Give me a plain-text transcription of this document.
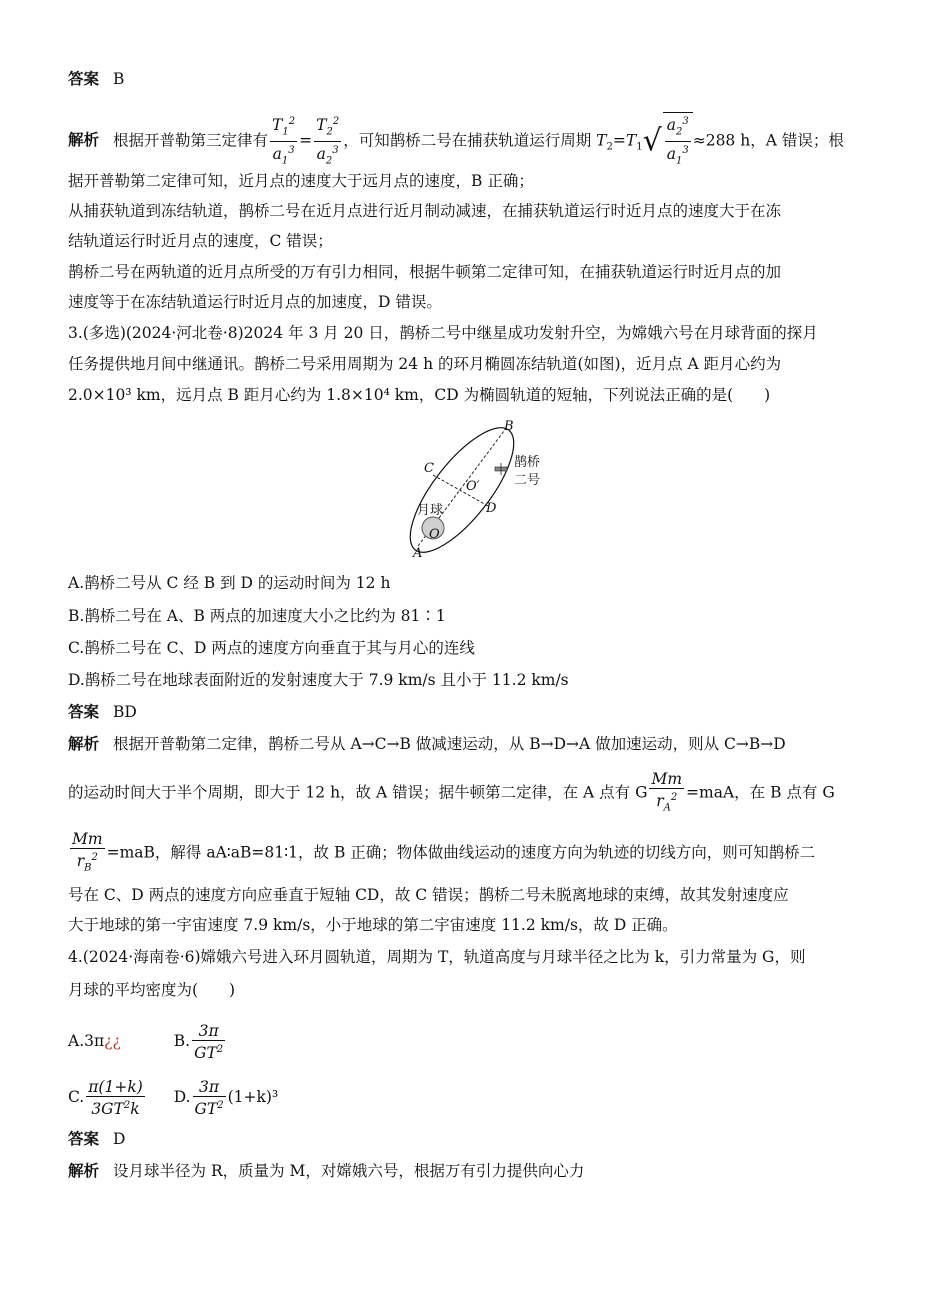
答案 B
解析 根据开普勒第三定律有 $\frac{T_1^2}{a_1^3} = \frac{T_2^2}{a_2^3}$ ，可知鹊桥二号在捕获轨道运行周期 $T_2=T_1√ \frac{a_2^3}{a_1^3} \approx 288$ h，A 错误；根
据开普勒第二定律可知，近月点的速度大于远月点的速度，B 正确；
从捕获轨道到冻结轨道，鹊桥二号在近月点进行近月制动减速，在捕获轨道运行时近月点的速度大于在冻
结轨道运行时近月点的速度，C 错误；
鹊桥二号在两轨道的近月点所受的万有引力相同，根据牛顿第二定律可知，在捕获轨道运行时近月点的加
速度等于在冻结轨道运行时近月点的加速度，D 错误。
3.(多选)(2024·河北卷·8)2024 年 3 月 20 日，鹊桥二号中继星成功发射升空，为嫦娥六号在月球背面的探月
任务提供地月间中继通讯。鹊桥二号采用周期为 24 h 的环月椭圆冻结轨道(如图)，近月点 A 距月心约为
2.0×10³ km，远月点 B 距月心约为 1.8×10⁴ km，CD 为椭圆轨道的短轴，下列说法正确的是(　　)
B
C
O′
D
月球
O
A
鹊桥
二号
A.鹊桥二号从 C 经 B 到 D 的运动时间为 12 h
B.鹊桥二号在 A、B 两点的加速度大小之比约为 81∶1
C.鹊桥二号在 C、D 两点的速度方向垂直于其与月心的连线
D.鹊桥二号在地球表面附近的发射速度大于 7.9 km/s 且小于 11.2 km/s
答案 BD
解析 根据开普勒第二定律，鹊桥二号从 A→C→B 做减速运动，从 B→D→A 做加速运动，则从 C→B→D
的运动时间大于半个周期，即大于 12 h，故 A 错误；据牛顿第二定律，在 A 点有 G $\frac{Mm}{r_A^2} =maA$，在 B 点有 G
$\frac{Mm}{r_B^2} =maB$，解得 aA∶aB=81∶1，故 B 正确；物体做曲线运动的速度方向为轨迹的切线方向，则可知鹊桥二
号在 C、D 两点的速度方向应垂直于短轴 CD，故 C 错误；鹊桥二号未脱离地球的束缚，故其发射速度应
大于地球的第一宇宙速度 7.9 km/s，小于地球的第二宇宙速度 11.2 km/s，故 D 正确。
4.(2024·海南卷·6)嫦娥六号进入环月圆轨道，周期为 T，轨道高度与月球半径之比为 k，引力常量为 G，则
月球的平均密度为(　　)
A.3π¿¿	B. $\frac{3\pi}{GT^2}$
C. $\frac{\pi(1+k)}{3GT^2k} D$. $\frac{3\pi}{GT^2} (1+k)^3$
答案 D
解析 设月球半径为 R，质量为 M，对嫦娥六号，根据万有引力提供向心力
